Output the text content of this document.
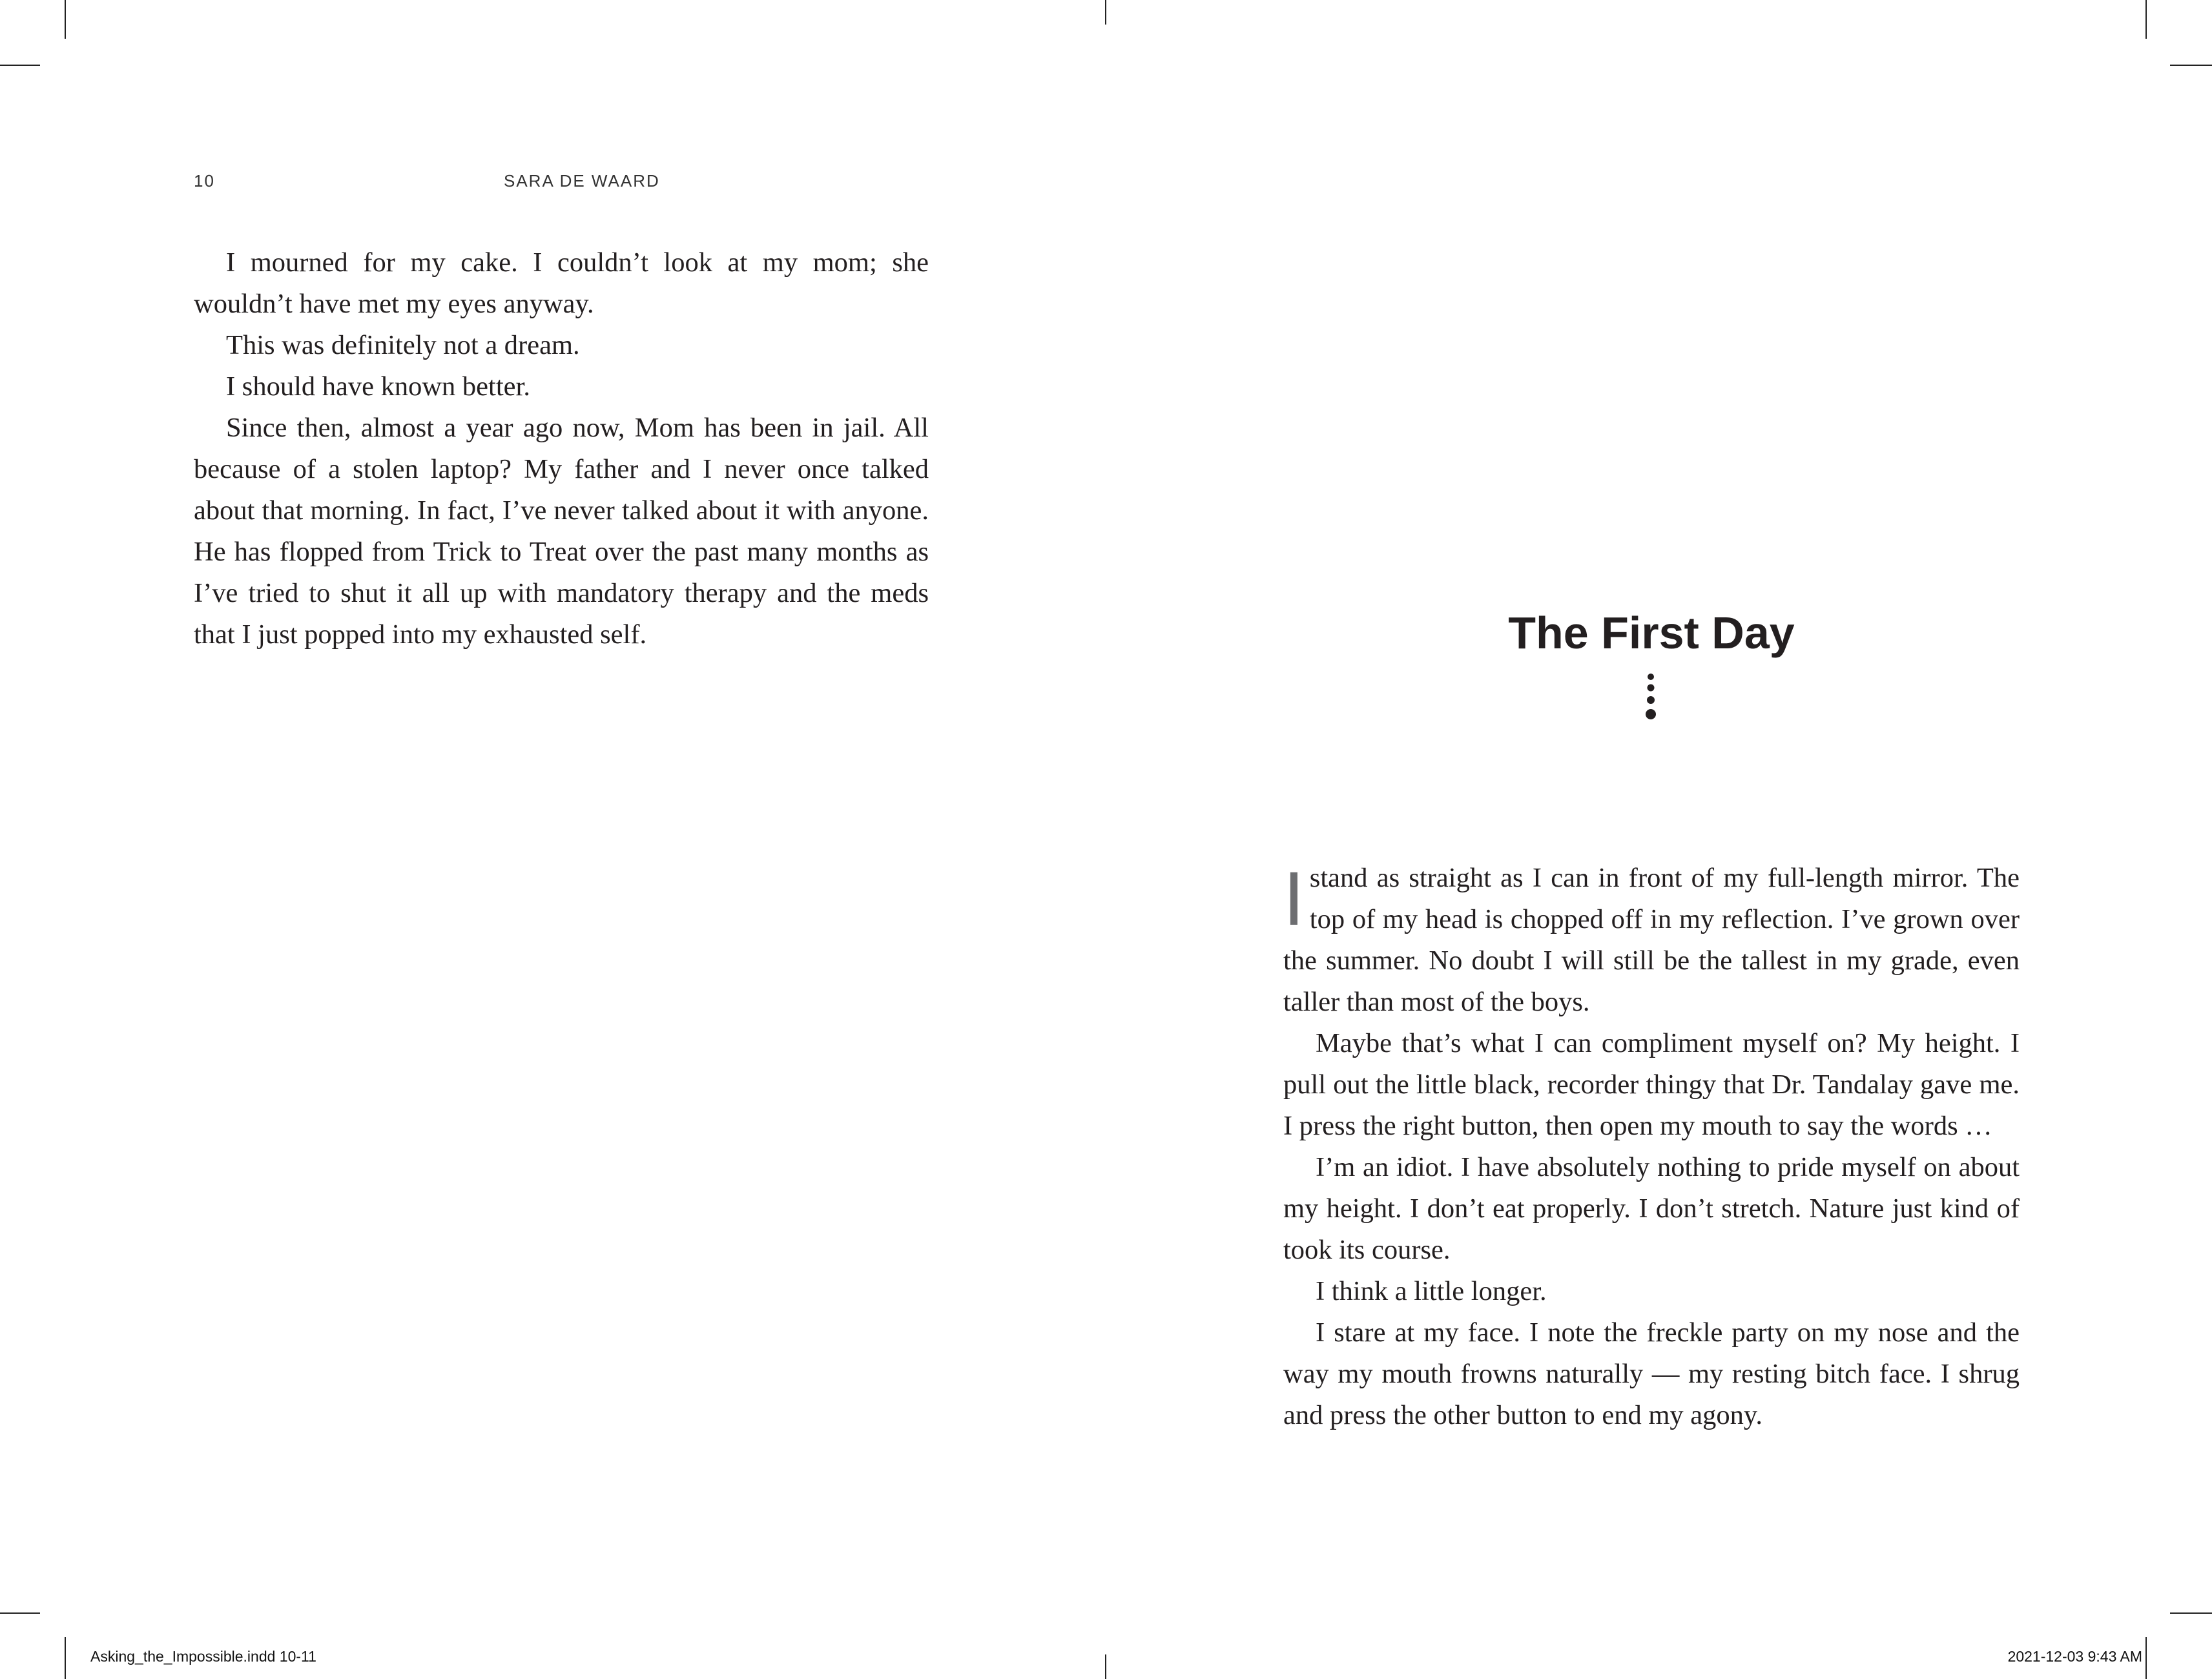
10	SARA DE WAARD

I mourned for my cake. I couldn’t look at my mom; she wouldn’t have met my eyes anyway.

This was definitely not a dream.

I should have known better.

Since then, almost a year ago now, Mom has been in jail. All because of a stolen laptop? My father and I never once talked about that morning. In fact, I’ve never talked about it with anyone. He has flopped from Trick to Treat over the past many months as I’ve tried to shut it all up with mandatory therapy and the meds that I just popped into my exhausted self.	The First Day

Istand as straight as I can in front of my full-length mirror. The top of my head is chopped off in my reflection. I’ve grown over the summer. No doubt I will still be the tallest in my grade, even taller than most of the boys.

Maybe that’s what I can compliment myself on? My height. I pull out the little black, recorder thingy that Dr. Tandalay gave me. I press the right button, then open my mouth to say the words …

I’m an idiot. I have absolutely nothing to pride myself on about my height. I don’t eat properly. I don’t stretch. Nature just kind of took its course.

I think a little longer.

I stare at my face. I note the freckle party on my nose and the way my mouth frowns naturally — my resting bitch face. I shrug and press the other button to end my agony.

Asking_the_Impossible.indd 10-11	2021-12-03 9:43 AM
